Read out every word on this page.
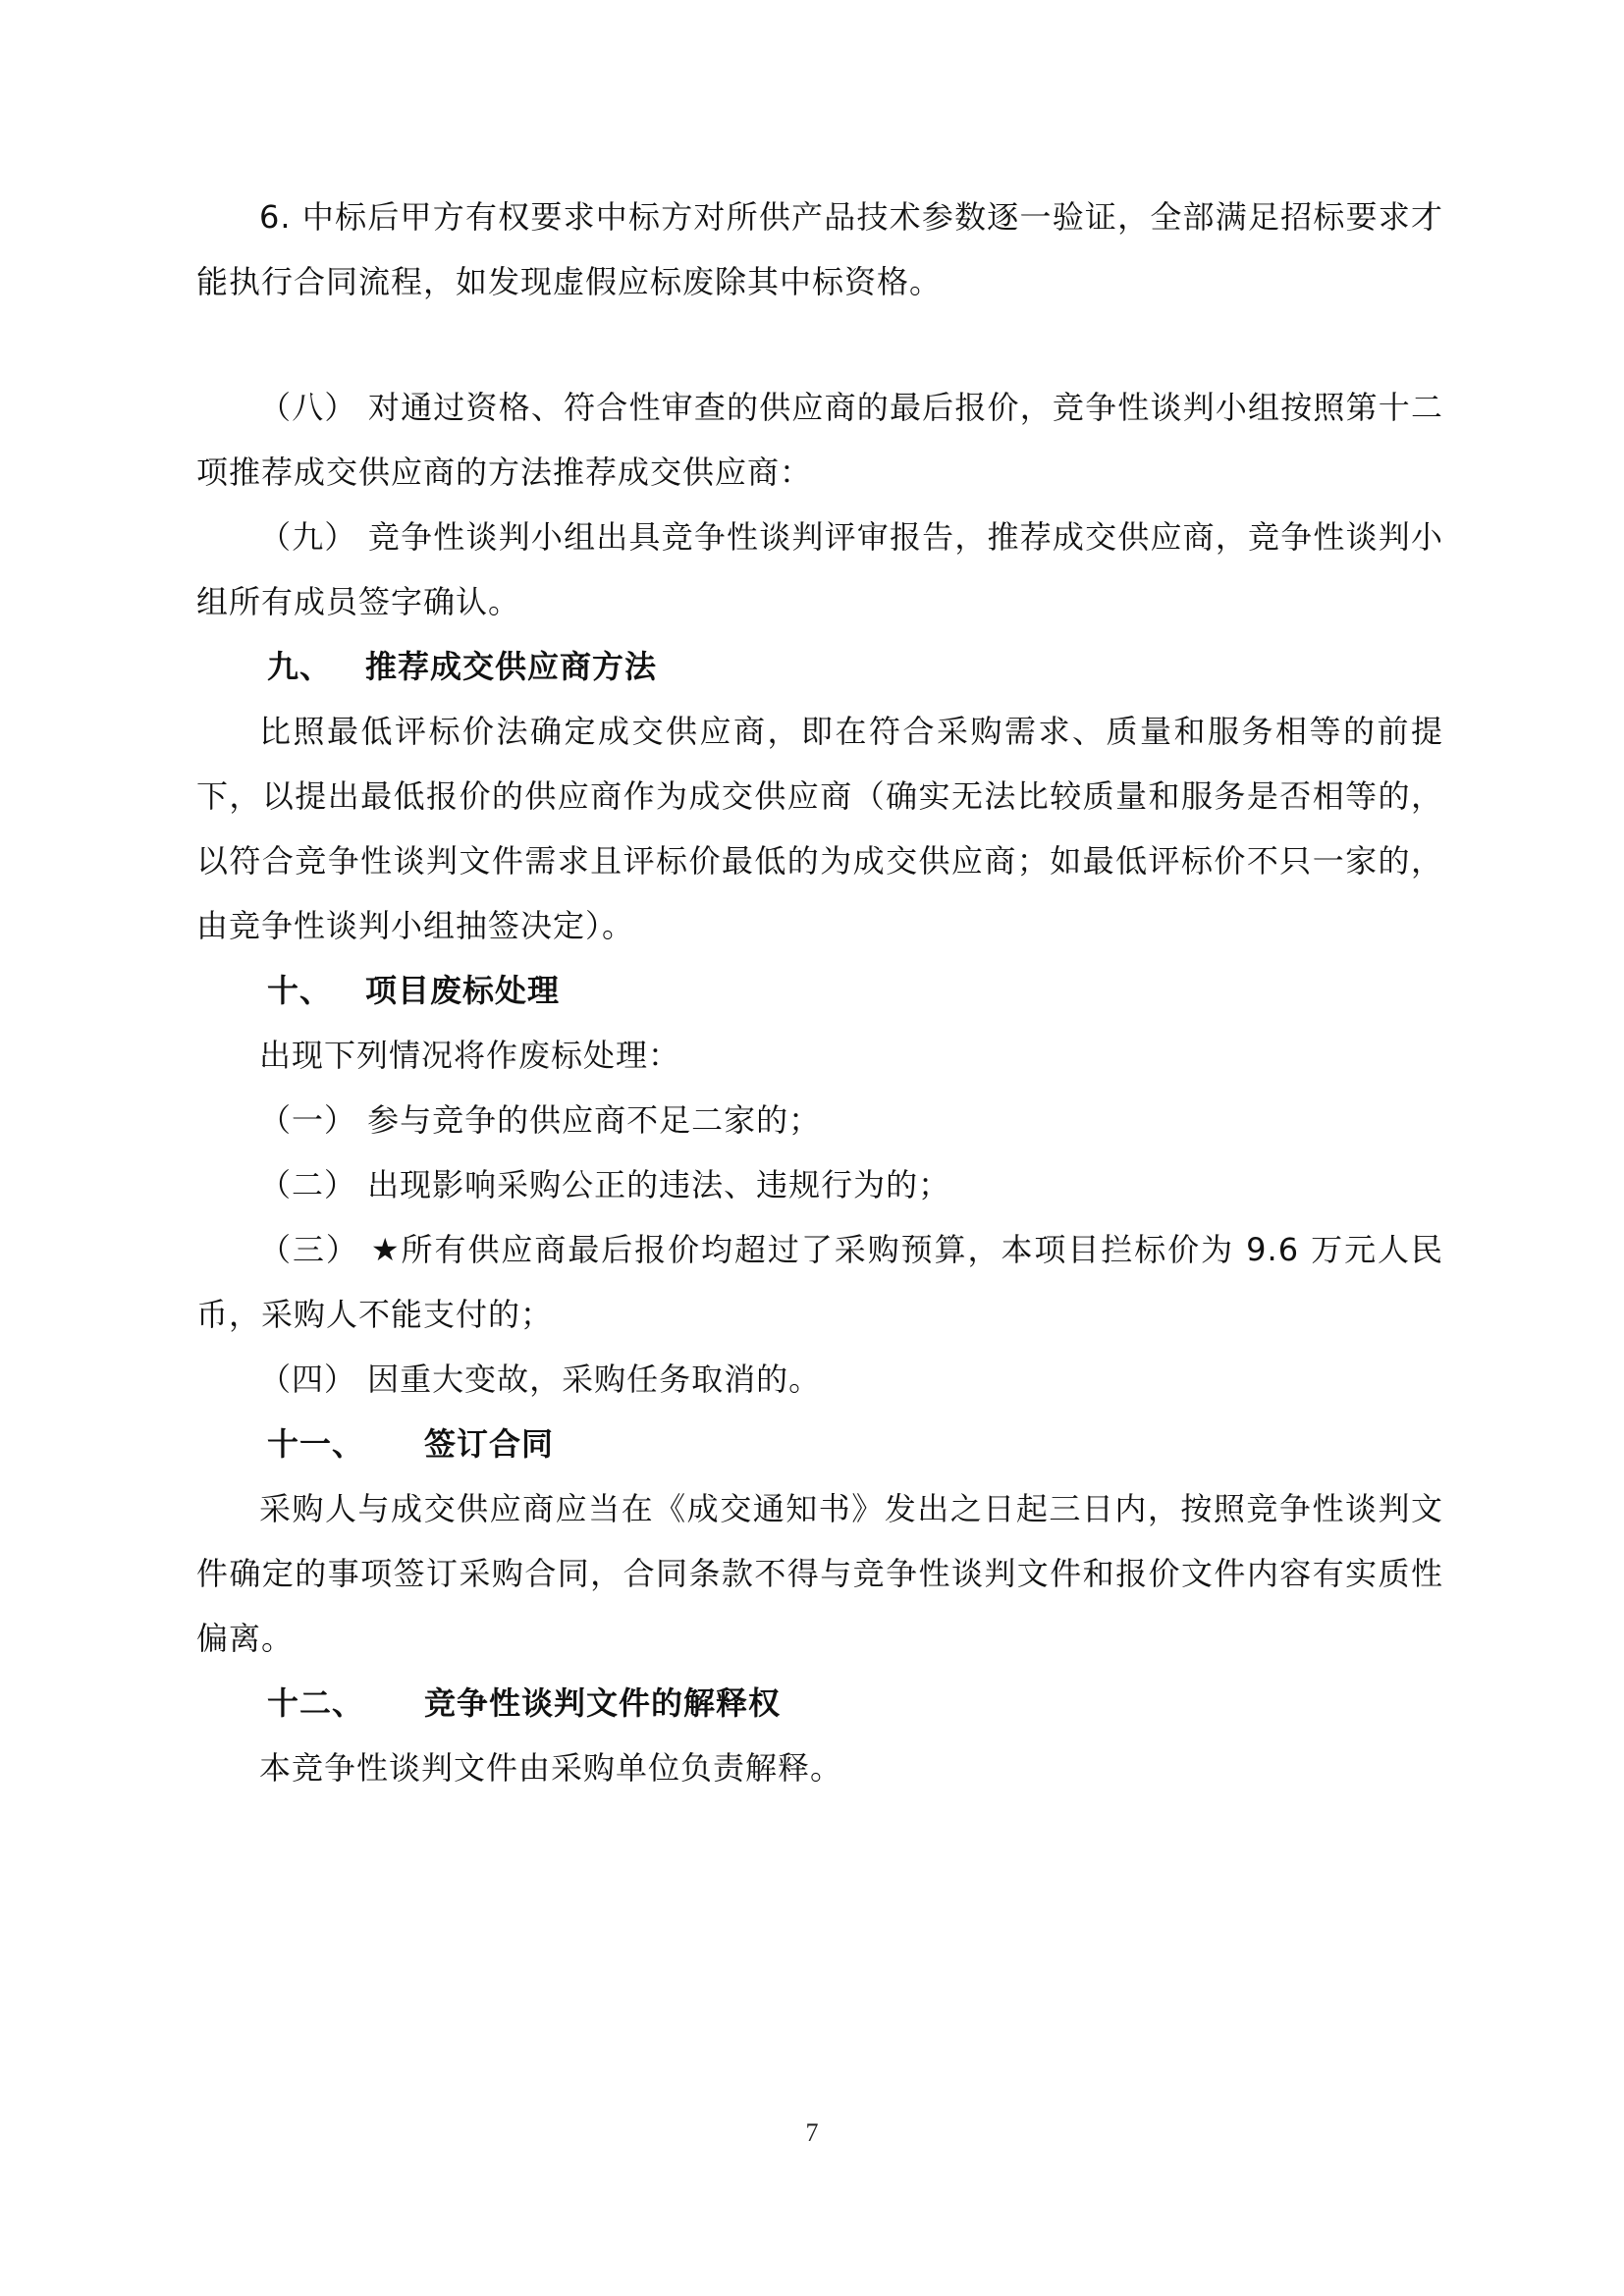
6. 中标后甲方有权要求中标方对所供产品技术参数逐一验证，全部满足招标要求才能执行合同流程，如发现虚假应标废除其中标资格。

（八） 对通过资格、符合性审查的供应商的最后报价，竞争性谈判小组按照第十二项推荐成交供应商的方法推荐成交供应商：

（九） 竞争性谈判小组出具竞争性谈判评审报告，推荐成交供应商，竞争性谈判小组所有成员签字确认。

九、 推荐成交供应商方法

比照最低评标价法确定成交供应商，即在符合采购需求、质量和服务相等的前提下，以提出最低报价的供应商作为成交供应商（确实无法比较质量和服务是否相等的，以符合竞争性谈判文件需求且评标价最低的为成交供应商；如最低评标价不只一家的，由竞争性谈判小组抽签决定）。

十、 项目废标处理

出现下列情况将作废标处理：

（一） 参与竞争的供应商不足二家的；

（二） 出现影响采购公正的违法、违规行为的；

（三） ★所有供应商最后报价均超过了采购预算，本项目拦标价为 9.6 万元人民币，采购人不能支付的；

（四） 因重大变故，采购任务取消的。

十一、 签订合同

采购人与成交供应商应当在《成交通知书》发出之日起三日内，按照竞争性谈判文件确定的事项签订采购合同，合同条款不得与竞争性谈判文件和报价文件内容有实质性偏离。

十二、 竞争性谈判文件的解释权

本竞争性谈判文件由采购单位负责解释。

7
